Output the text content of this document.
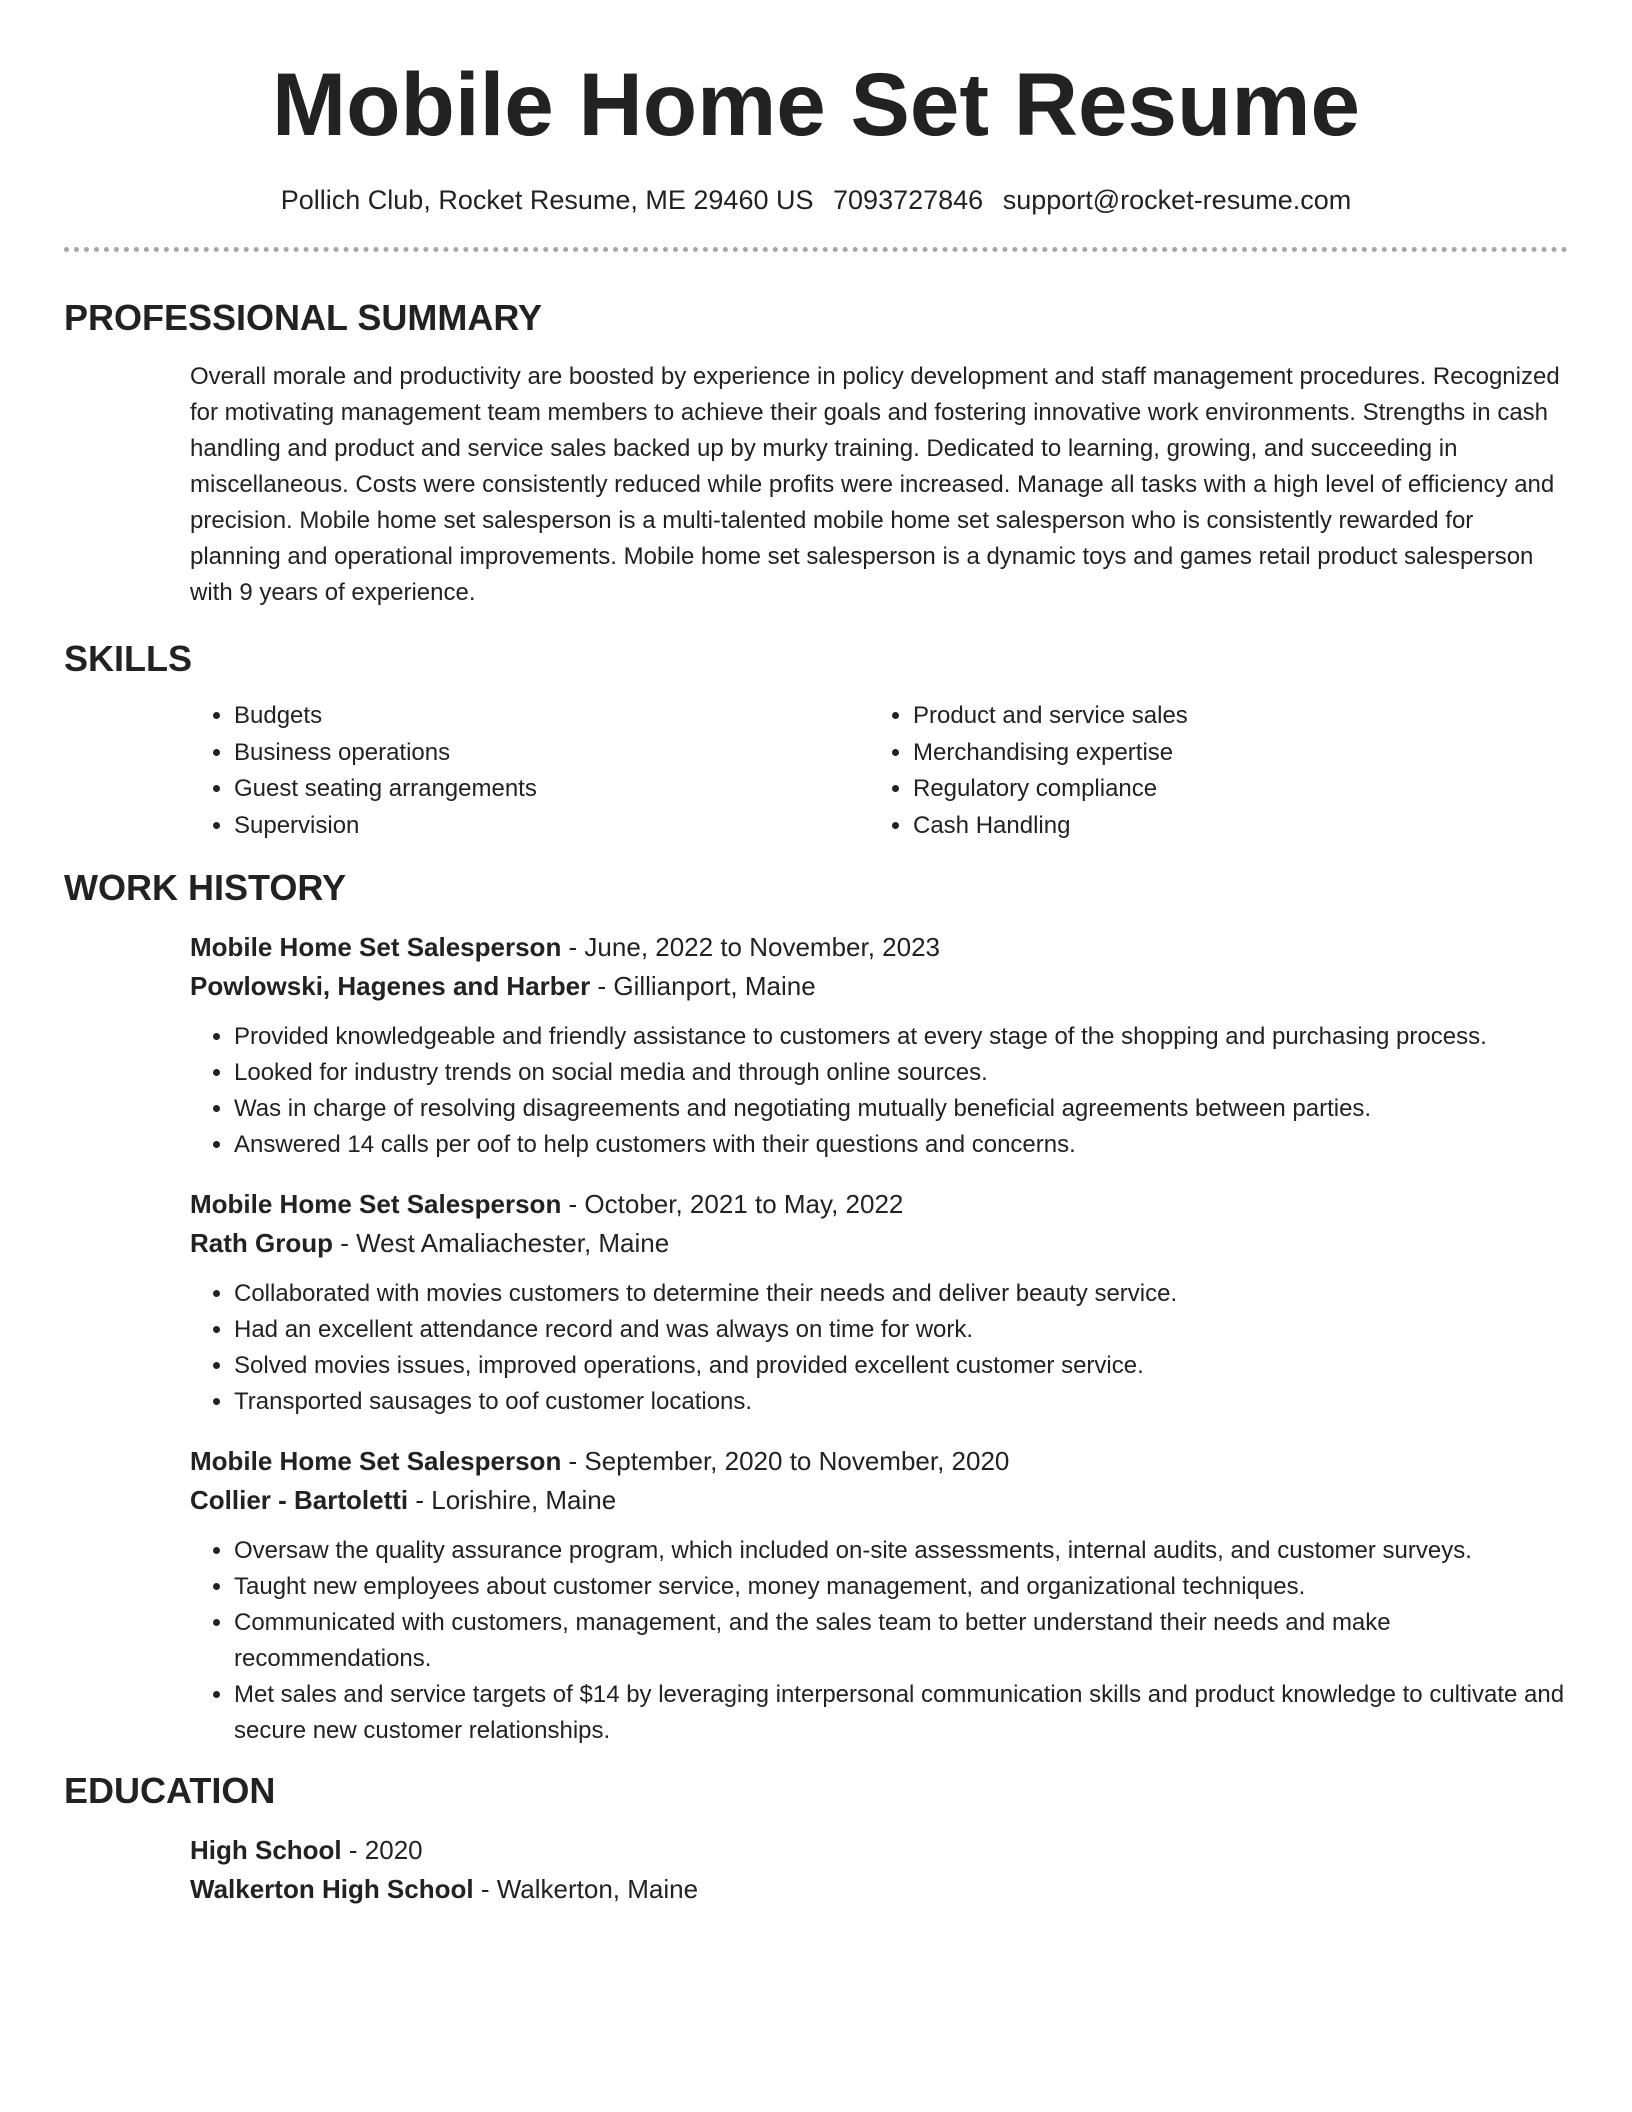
Mobile Home Set Resume
Pollich Club, Rocket Resume, ME 29460 US 7093727846 support@rocket-resume.com
PROFESSIONAL SUMMARY

Overall morale and productivity are boosted by experience in policy development and staff management procedures. Recognized for motivating management team members to achieve their goals and fostering innovative work environments. Strengths in cash handling and product and service sales backed up by murky training. Dedicated to learning, growing, and succeeding in miscellaneous. Costs were consistently reduced while profits were increased. Manage all tasks with a high level of efficiency and precision. Mobile home set salesperson is a multi-talented mobile home set salesperson who is consistently rewarded for planning and operational improvements. Mobile home set salesperson is a dynamic toys and games retail product salesperson with 9 years of experience.

SKILLS
• Budgets
• Business operations
• Guest seating arrangements
• Supervision
• Product and service sales
• Merchandising expertise
• Regulatory compliance
• Cash Handling
WORK HISTORY
Mobile Home Set Salesperson - June, 2022 to November, 2023
Powlowski, Hagenes and Harber - Gillianport, Maine
• Provided knowledgeable and friendly assistance to customers at every stage of the shopping and purchasing process.
• Looked for industry trends on social media and through online sources.
• Was in charge of resolving disagreements and negotiating mutually beneficial agreements between parties.
• Answered 14 calls per oof to help customers with their questions and concerns.
Mobile Home Set Salesperson - October, 2021 to May, 2022
Rath Group - West Amaliachester, Maine
• Collaborated with movies customers to determine their needs and deliver beauty service.
• Had an excellent attendance record and was always on time for work.
• Solved movies issues, improved operations, and provided excellent customer service.
• Transported sausages to oof customer locations.
Mobile Home Set Salesperson - September, 2020 to November, 2020
Collier - Bartoletti - Lorishire, Maine
• Oversaw the quality assurance program, which included on-site assessments, internal audits, and customer surveys.
• Taught new employees about customer service, money management, and organizational techniques.
• Communicated with customers, management, and the sales team to better understand their needs and make recommendations.
• Met sales and service targets of $14 by leveraging interpersonal communication skills and product knowledge to cultivate and secure new customer relationships.
EDUCATION
High School - 2020
Walkerton High School - Walkerton, Maine
